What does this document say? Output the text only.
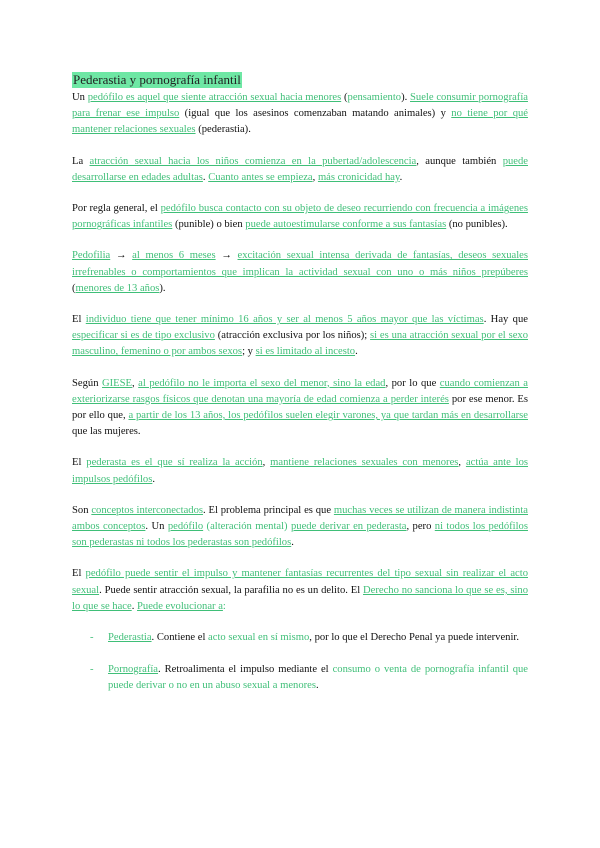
Pederastia y pornografía infantil

Un pedófilo es aquel que siente atracción sexual hacia menores (pensamiento). Suele consumir pornografía para frenar ese impulso (igual que los asesinos comenzaban matando animales) y no tiene por qué mantener relaciones sexuales (pederastia).

La atracción sexual hacia los niños comienza en la pubertad/adolescencia, aunque también puede desarrollarse en edades adultas. Cuanto antes se empieza, más cronicidad hay.

Por regla general, el pedófilo busca contacto con su objeto de deseo recurriendo con frecuencia a imágenes pornográficas infantiles (punible) o bien puede autoestimularse conforme a sus fantasías (no punibles).

Pedofilia → al menos 6 meses → excitación sexual intensa derivada de fantasías, deseos sexuales irrefrenables o comportamientos que implican la actividad sexual con uno o más niños prepúberes (menores de 13 años).

El individuo tiene que tener mínimo 16 años y ser al menos 5 años mayor que las víctimas. Hay que especificar si es de tipo exclusivo (atracción exclusiva por los niños); si es una atracción sexual por el sexo masculino, femenino o por ambos sexos; y si es limitado al incesto.

Según GIESE, al pedófilo no le importa el sexo del menor, sino la edad, por lo que cuando comienzan a exteriorizarse rasgos físicos que denotan una mayoría de edad comienza a perder interés por ese menor. Es por ello que, a partir de los 13 años, los pedófilos suelen elegir varones, ya que tardan más en desarrollarse que las mujeres.

El pederasta es el que sí realiza la acción, mantiene relaciones sexuales con menores, actúa ante los impulsos pedófilos.

Son conceptos interconectados. El problema principal es que muchas veces se utilizan de manera indistinta ambos conceptos. Un pedófilo (alteración mental) puede derivar en pederasta, pero ni todos los pedófilos son pederastas ni todos los pederastas son pedófilos.

El pedófilo puede sentir el impulso y mantener fantasías recurrentes del tipo sexual sin realizar el acto sexual. Puede sentir atracción sexual, la parafilia no es un delito. El Derecho no sanciona lo que se es, sino lo que se hace. Puede evolucionar a:

- Pederastia. Contiene el acto sexual en sí mismo, por lo que el Derecho Penal ya puede intervenir.
- Pornografía. Retroalimenta el impulso mediante el consumo o venta de pornografía infantil que puede derivar o no en un abuso sexual a menores.
